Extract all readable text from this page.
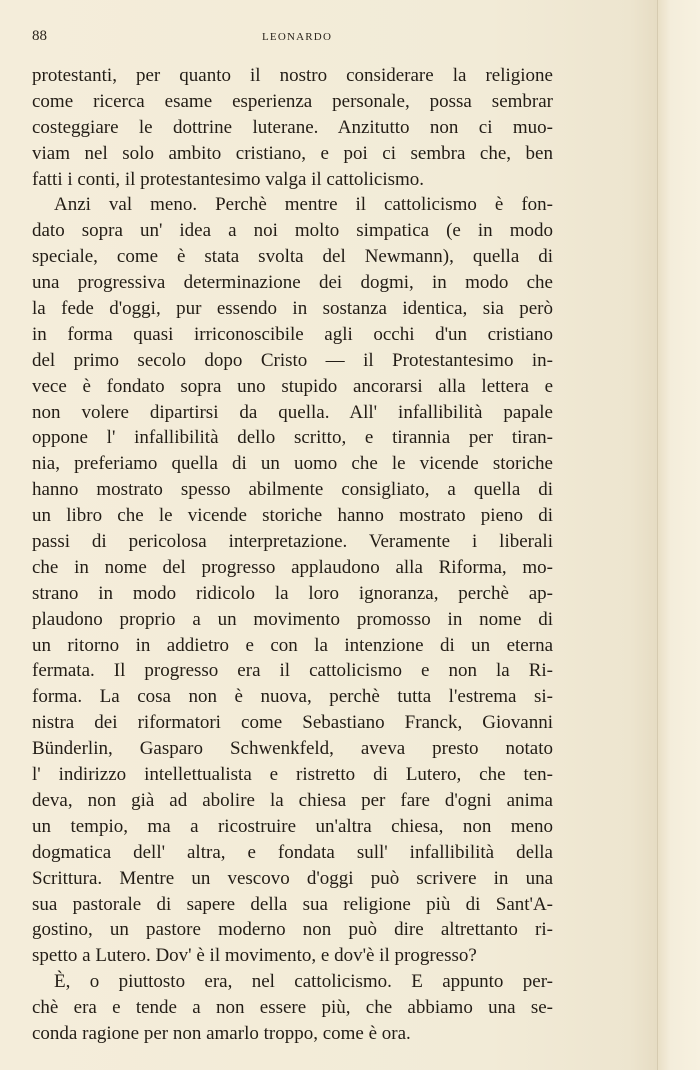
88	LEONARDO
protestanti, per quanto il nostro considerare la religione
come ricerca esame esperienza personale, possa sembrar
costeggiare le dottrine luterane. Anzitutto non ci muo-
viam nel solo ambito cristiano, e poi ci sembra che, ben
fatti i conti, il protestantesimo valga il cattolicismo.
Anzi val meno. Perchè mentre il cattolicismo è fon-
dato sopra un' idea a noi molto simpatica (e in modo
speciale, come è stata svolta del Newmann), quella di
una progressiva determinazione dei dogmi, in modo che
la fede d'oggi, pur essendo in sostanza identica, sia però
in forma quasi irriconoscibile agli occhi d'un cristiano
del primo secolo dopo Cristo — il Protestantesimo in-
vece è fondato sopra uno stupido ancorarsi alla lettera e
non volere dipartirsi da quella. All' infallibilità papale
oppone l' infallibilità dello scritto, e tirannia per tiran-
nia, preferiamo quella di un uomo che le vicende storiche
hanno mostrato spesso abilmente consigliato, a quella di
un libro che le vicende storiche hanno mostrato pieno di
passi di pericolosa interpretazione. Veramente i liberali
che in nome del progresso applaudono alla Riforma, mo-
strano in modo ridicolo la loro ignoranza, perchè ap-
plaudono proprio a un movimento promosso in nome di
un ritorno in addietro e con la intenzione di un eterna
fermata. Il progresso era il cattolicismo e non la Ri-
forma. La cosa non è nuova, perchè tutta l'estrema si-
nistra dei riformatori come Sebastiano Franck, Giovanni
Bünderlin, Gasparo Schwenkfeld, aveva presto notato
l' indirizzo intellettualista e ristretto di Lutero, che ten-
deva, non già ad abolire la chiesa per fare d'ogni anima
un tempio, ma a ricostruire un'altra chiesa, non meno
dogmatica dell' altra, e fondata sull' infallibilità della
Scrittura. Mentre un vescovo d'oggi può scrivere in una
sua pastorale di sapere della sua religione più di Sant'A-
gostino, un pastore moderno non può dire altrettanto ri-
spetto a Lutero. Dov' è il movimento, e dov'è il progresso?
È, o piuttosto era, nel cattolicismo. E appunto per-
chè era e tende a non essere più, che abbiamo una se-
conda ragione per non amarlo troppo, come è ora.
